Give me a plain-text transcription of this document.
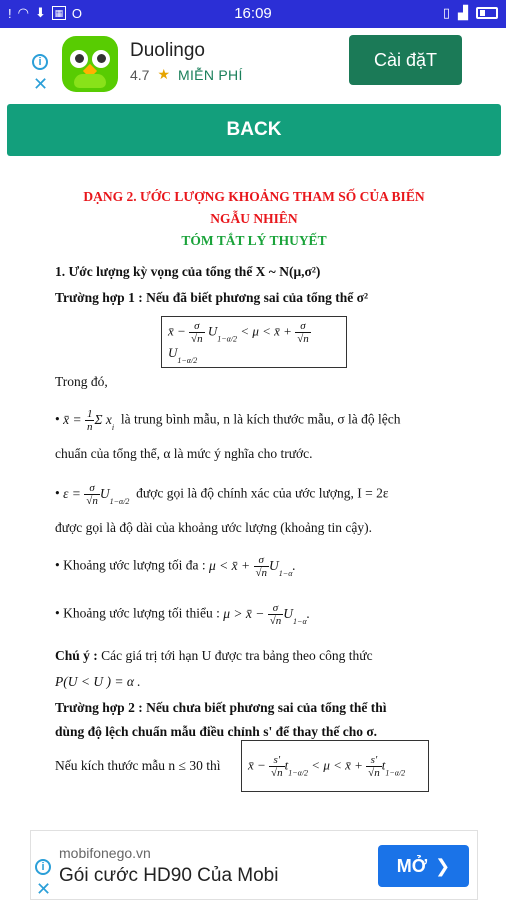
! ◠ ⬇ ▦ O	16:09	▯ ▟
i
✕
Duolingo
4.7 ★ MIỄN PHÍ
Cài đặT
BACK
DẠNG 2. ƯỚC LƯỢNG KHOẢNG THAM SỐ CỦA BIẾN
NGẪU NHIÊN
TÓM TẮT LÝ THUYẾT
1. Ước lượng kỳ vọng của tổng thể X ~ N(μ,σ²)
Trường hợp 1 : Nếu đã biết phương sai của tổng thể σ²
x̄ − $\frac{\sigma}{√n} U_{1-\alpha/2} < \mu$ < x̄ + $\frac{\sigma}{√n}$
$U_{1-\alpha/2}$
Trong đó,
• x̄ = $\frac{1}{n}$ Σ $x_i$  là trung bình mẫu, n là kích thước mẫu, σ là độ lệch
chuẩn của tổng thể, α là mức ý nghĩa cho trước.
• $\varepsilon = \frac{\sigma}{√n} U_{1-\alpha/2}$  được gọi là độ chính xác của ước lượng, I = 2ε
được gọi là độ dài của khoảng ước lượng (khoảng tin cậy).
• Khoảng ước lượng tối đa : μ < x̄ + $\frac{\sigma}{√n} U_{1-\alpha}$.
• Khoảng ước lượng tối thiểu : μ > x̄ − $\frac{\sigma}{√n} U_{1-\alpha}$.
Chú ý : Các giá trị tới hạn U được tra bảng theo công thức
P(U < U ) = α .
Trường hợp 2 : Nếu chưa biết phương sai của tổng thể thì
dùng độ lệch chuẩn mẫu điều chỉnh s' để thay thế cho σ.
Nếu kích thước mẫu n ≤ 30 thì x̄ − $\frac{s'}{√n} t_{1-\alpha/2} < \mu$ < x̄ + $\frac{s'}{√n} t_{1-\alpha/2}$
i
✕
mobifonego.vn
Gói cước HD90 Của Mobi	MỞ ❯
